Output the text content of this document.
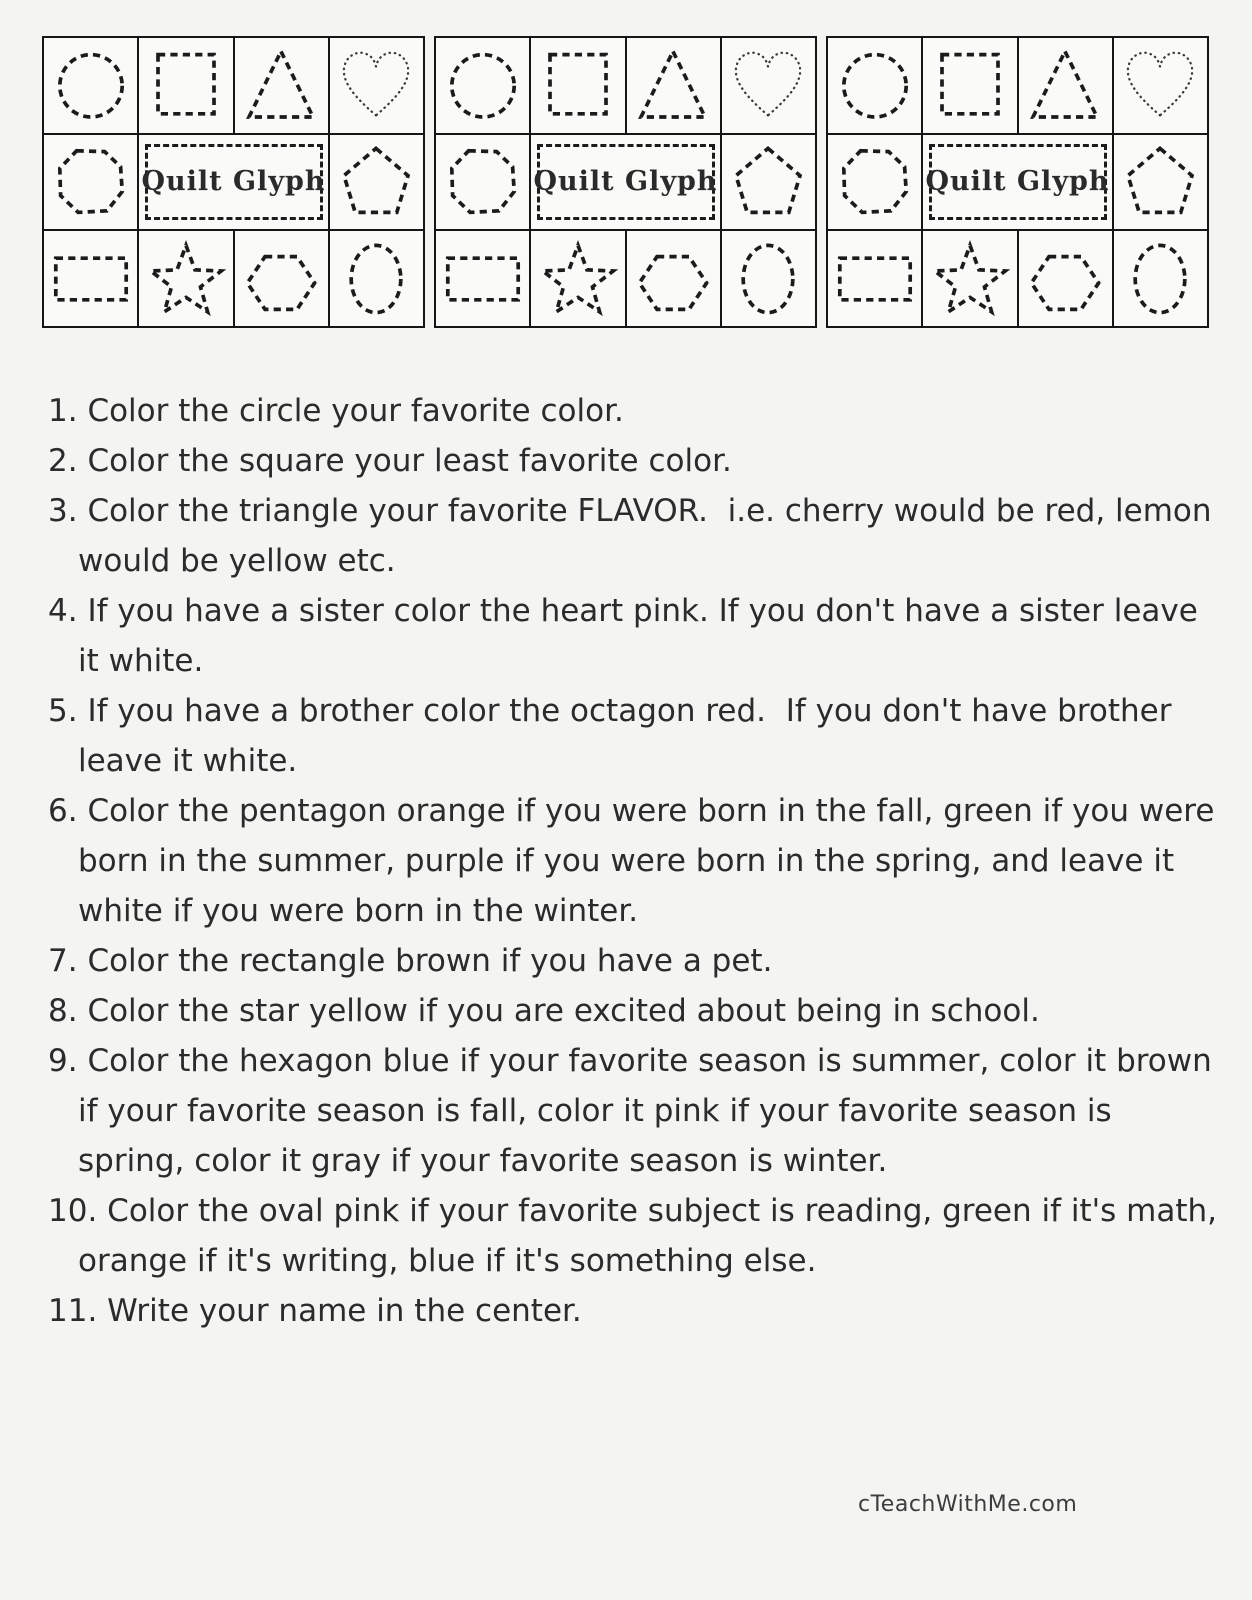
Quilt Glyph	Quilt Glyph	Quilt Glyph
1. Color the circle your favorite color.
2. Color the square your least favorite color.
3. Color the triangle your favorite FLAVOR.  i.e. cherry would be red, lemon would be yellow etc.
4. If you have a sister color the heart pink. If you don't have a sister leave it white.
5. If you have a brother color the octagon red.  If you don't have brother leave it white.
6. Color the pentagon orange if you were born in the fall, green if you were born in the summer, purple if you were born in the spring, and leave it white if you were born in the winter.
7. Color the rectangle brown if you have a pet.
8. Color the star yellow if you are excited about being in school.
9. Color the hexagon blue if your favorite season is summer, color it brown if your favorite season is fall, color it pink if your favorite season is spring, color it gray if your favorite season is winter.
10. Color the oval pink if your favorite subject is reading, green if it's math, orange if it's writing, blue if it's something else.
11. Write your name in the center.
cTeachWithMe.com
